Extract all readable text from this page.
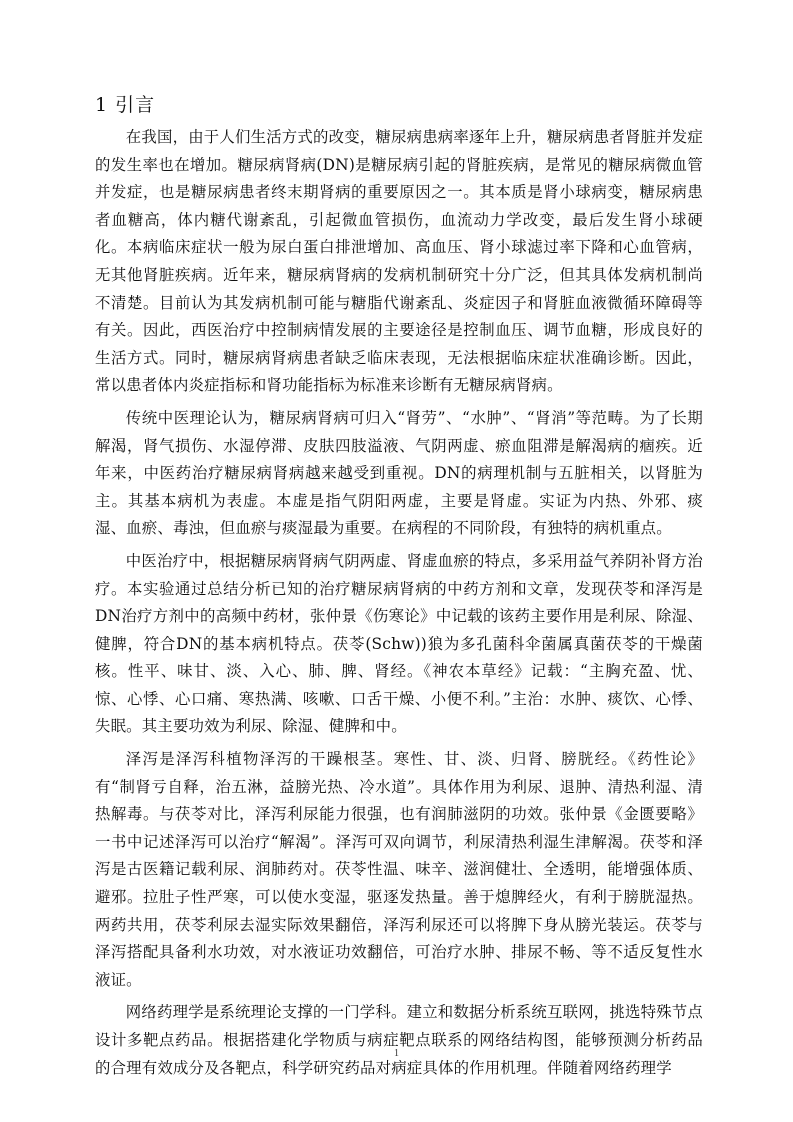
1 引言

在我国，由于人们生活方式的改变，糖尿病患病率逐年上升，糖尿病患者肾脏并发症的发生率也在增加。糖尿病肾病(DN)是糖尿病引起的肾脏疾病，是常见的糖尿病微血管并发症，也是糖尿病患者终末期肾病的重要原因之一。其本质是肾小球病变，糖尿病患者血糖高，体内糖代谢紊乱，引起微血管损伤，血流动力学改变，最后发生肾小球硬化。本病临床症状一般为尿白蛋白排泄增加、高血压、肾小球滤过率下降和心血管病，无其他肾脏疾病。近年来，糖尿病肾病的发病机制研究十分广泛，但其具体发病机制尚不清楚。目前认为其发病机制可能与糖脂代谢紊乱、炎症因子和肾脏血液微循环障碍等有关。因此，西医治疗中控制病情发展的主要途径是控制血压、调节血糖，形成良好的生活方式。同时，糖尿病肾病患者缺乏临床表现，无法根据临床症状准确诊断。因此，常以患者体内炎症指标和肾功能指标为标准来诊断有无糖尿病肾病。

传统中医理论认为，糖尿病肾病可归入“肾劳”、“水肿”、“肾消”等范畴。为了长期解渴，肾气损伤、水湿停滞、皮肤四肢溢液、气阴两虚、瘀血阻滞是解渴病的痼疾。近年来，中医药治疗糖尿病肾病越来越受到重视。DN的病理机制与五脏相关，以肾脏为主。其基本病机为表虚。本虚是指气阴阳两虚，主要是肾虚。实证为内热、外邪、痰湿、血瘀、毒浊，但血瘀与痰湿最为重要。在病程的不同阶段，有独特的病机重点。

中医治疗中，根据糖尿病肾病气阴两虚、肾虚血瘀的特点，多采用益气养阴补肾方治疗。本实验通过总结分析已知的治疗糖尿病肾病的中药方剂和文章，发现茯苓和泽泻是DN治疗方剂中的高频中药材，张仲景《伤寒论》中记载的该药主要作用是利尿、除湿、健脾，符合DN的基本病机特点。茯苓(Schw))狼为多孔菌科伞菌属真菌茯苓的干燥菌核。性平、味甘、淡、入心、肺、脾、肾经。《神农本草经》记载：“主胸充盈、忧、惊、心悸、心口痛、寒热满、咳嗽、口舌干燥、小便不利。”主治：水肿、痰饮、心悸、失眠。其主要功效为利尿、除湿、健脾和中。

泽泻是泽泻科植物泽泻的干躁根茎。寒性、甘、淡、归肾、膀胱经。《药性论》有“制肾亏自释，治五淋，益膀光热、冷水道”。具体作用为利尿、退肿、清热利湿、清热解毒。与茯苓对比，泽泻利尿能力很强，也有润肺滋阴的功效。张仲景《金匮要略》一书中记述泽泻可以治疗“解渴”。泽泻可双向调节，利尿清热利湿生津解渴。茯苓和泽泻是古医籍记载利尿、润肺药对。茯苓性温、味辛、滋润健壮、全透明，能增强体质、避邪。拉肚子性严寒，可以使水变湿，驱逐发热量。善于熄脾经火，有利于膀胱湿热。两药共用，茯苓利尿去湿实际效果翻倍，泽泻利尿还可以将脾下身从膀光装运。茯苓与泽泻搭配具备利水功效，对水液证功效翻倍，可治疗水肿、排尿不畅、等不适反复性水液证。

网络药理学是系统理论支撑的一门学科。建立和数据分析系统互联网，挑选特殊节点设计多靶点药品。根据搭建化学物质与病症靶点联系的网络结构图，能够预测分析药品的合理有效成分及各靶点，科学研究药品对病症具体的作用机理。伴随着网络药理学

1
